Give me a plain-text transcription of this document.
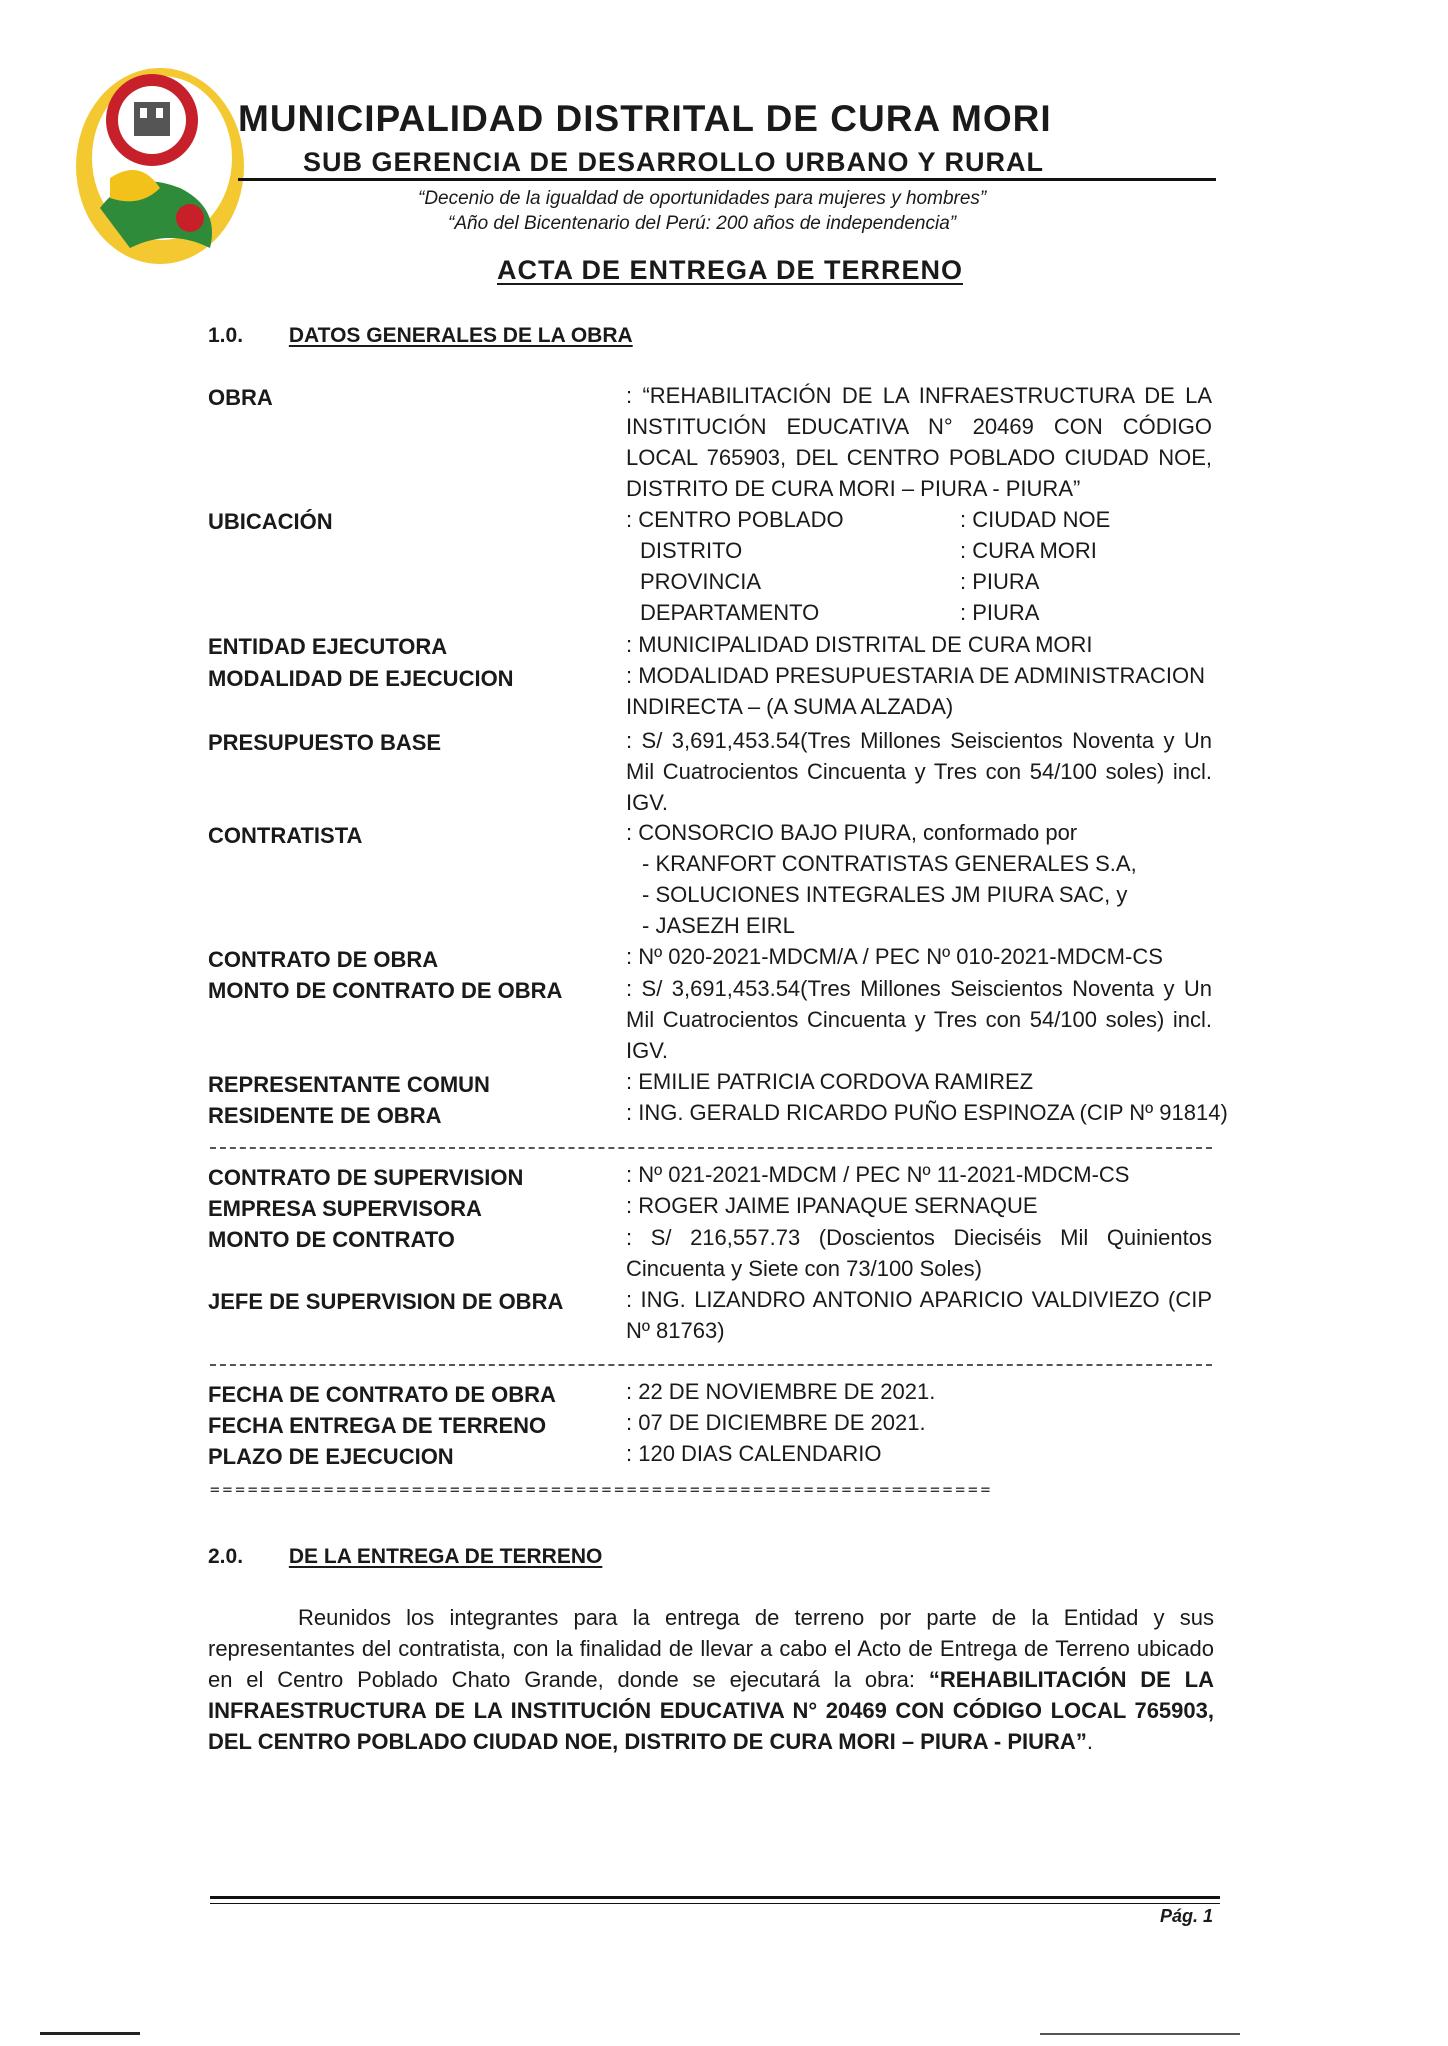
MUNICIPALIDAD DISTRITAL DE CURA MORI
SUB GERENCIA DE DESARROLLO URBANO Y RURAL
“Decenio de la igualdad de oportunidades para mujeres y hombres”
“Año del Bicentenario del Perú: 200 años de independencia”
ACTA DE ENTREGA DE TERRENO
1.0. DATOS GENERALES DE LA OBRA
OBRA	: “REHABILITACIÓN DE LA INFRAESTRUCTURA DE LA INSTITUCIÓN EDUCATIVA N° 20469 CON CÓDIGO LOCAL 765903, DEL CENTRO POBLADO CIUDAD NOE, DISTRITO DE CURA MORI – PIURA - PIURA”
UBICACIÓN	: CENTRO POBLADO	: CIUDAD NOE
DISTRITO	: CURA MORI
PROVINCIA	: PIURA
DEPARTAMENTO	: PIURA
ENTIDAD EJECUTORA	: MUNICIPALIDAD DISTRITAL DE CURA MORI
MODALIDAD DE EJECUCION	: MODALIDAD PRESUPUESTARIA DE ADMINISTRACION
INDIRECTA – (A SUMA ALZADA)
PRESUPUESTO BASE	: S/ 3,691,453.54(Tres Millones Seiscientos Noventa y Un Mil Cuatrocientos Cincuenta y Tres con 54/100 soles) incl. IGV.
CONTRATISTA	: CONSORCIO BAJO PIURA, conformado por
- KRANFORT CONTRATISTAS GENERALES S.A,
- SOLUCIONES INTEGRALES JM PIURA SAC, y
- JASEZH EIRL
CONTRATO DE OBRA	: Nº 020-2021-MDCM/A / PEC Nº 010-2021-MDCM-CS
MONTO DE CONTRATO DE OBRA	: S/ 3,691,453.54(Tres Millones Seiscientos Noventa y Un Mil Cuatrocientos Cincuenta y Tres con 54/100 soles) incl. IGV.
REPRESENTANTE COMUN	: EMILIE PATRICIA CORDOVA RAMIREZ
RESIDENTE DE OBRA	: ING. GERALD RICARDO PUÑO ESPINOZA (CIP Nº 91814)
CONTRATO DE SUPERVISION	: Nº 021-2021-MDCM / PEC Nº 11-2021-MDCM-CS
EMPRESA SUPERVISORA	: ROGER JAIME IPANAQUE SERNAQUE
MONTO DE CONTRATO	: S/ 216,557.73 (Doscientos Dieciséis Mil Quinientos Cincuenta y Siete con 73/100 Soles)
JEFE DE SUPERVISION DE OBRA	: ING. LIZANDRO ANTONIO APARICIO VALDIVIEZO (CIP Nº 81763)
FECHA DE CONTRATO DE OBRA	: 22 DE NOVIEMBRE DE 2021.
FECHA ENTREGA DE TERRENO	: 07 DE DICIEMBRE DE 2021.
PLAZO DE EJECUCION	: 120 DIAS CALENDARIO
==============================================================
2.0. DE LA ENTREGA DE TERRENO
Reunidos los integrantes para la entrega de terreno por parte de la Entidad y sus representantes del contratista, con la finalidad de llevar a cabo el Acto de Entrega de Terreno ubicado en el Centro Poblado Chato Grande, donde se ejecutará la obra: “REHABILITACIÓN DE LA INFRAESTRUCTURA DE LA INSTITUCIÓN EDUCATIVA N° 20469 CON CÓDIGO LOCAL 765903, DEL CENTRO POBLADO CIUDAD NOE, DISTRITO DE CURA MORI – PIURA - PIURA”.
Pág. 1
